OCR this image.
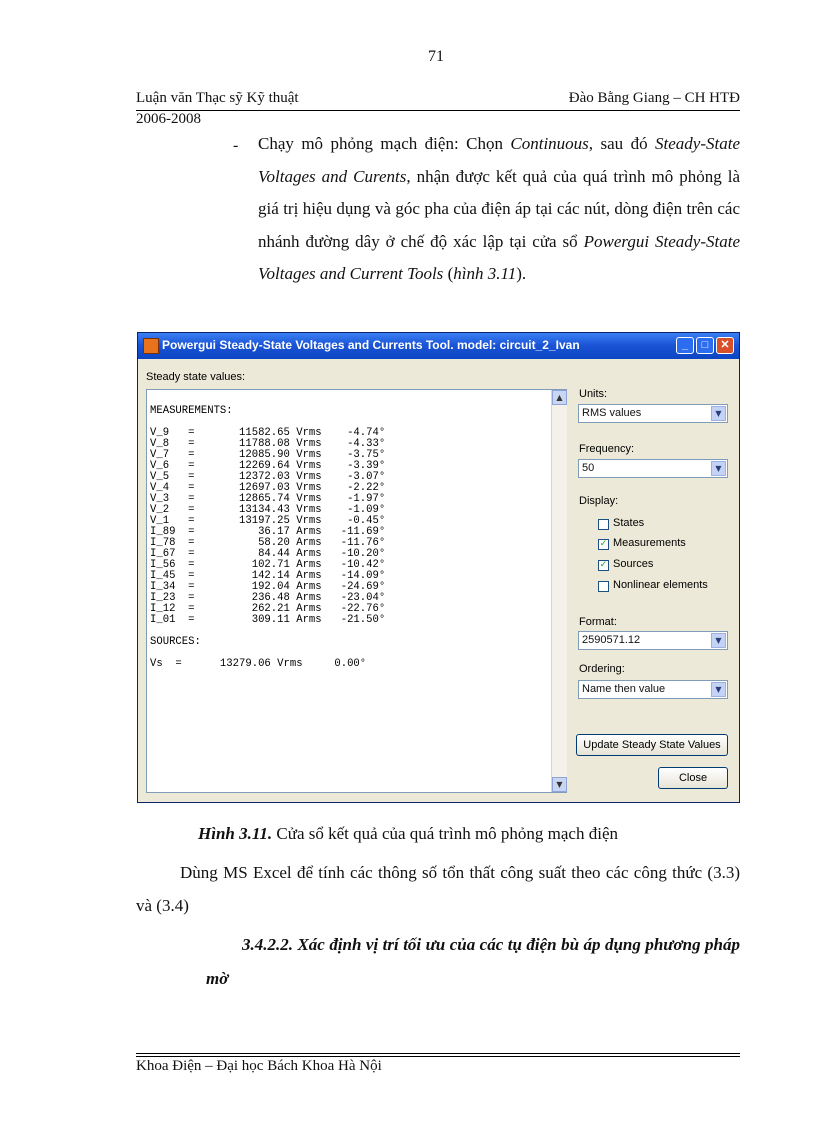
71
Luận văn Thạc sỹ Kỹ thuật	Đào Bằng Giang – CH HTĐ
2006-2008
- Chạy mô phỏng mạch điện: Chọn Continuous, sau đó Steady-State Voltages and Curents, nhận được kết quả của quá trình mô phỏng là giá trị hiệu dụng và góc pha của điện áp tại các nút, dòng điện trên các nhánh đường dây ở chế độ xác lập tại cửa sổ Powergui Steady-State Voltages and Current Tools (hình 3.11).
Powergui Steady-State Voltages and Currents Tool. model: circuit_2_Ivan	_	□	✕
Steady state values:
MEASUREMENTS:

V_9   =       11582.65 Vrms    -4.74°
V_8   =       11788.08 Vrms    -4.33°
V_7   =       12085.90 Vrms    -3.75°
V_6   =       12269.64 Vrms    -3.39°
V_5   =       12372.03 Vrms    -3.07°
V_4   =       12697.03 Vrms    -2.22°
V_3   =       12865.74 Vrms    -1.97°
V_2   =       13134.43 Vrms    -1.09°
V_1   =       13197.25 Vrms    -0.45°
I_89  =          36.17 Arms   -11.69°
I_78  =          58.20 Arms   -11.76°
I_67  =          84.44 Arms   -10.20°
I_56  =         102.71 Arms   -10.42°
I_45  =         142.14 Arms   -14.09°
I_34  =         192.04 Arms   -24.69°
I_23  =         236.48 Arms   -23.04°
I_12  =         262.21 Arms   -22.76°
I_01  =         309.11 Arms   -21.50°

SOURCES:

Vs  =      13279.06 Vrms     0.00°
▲
▼
Units:
RMS values	▼
Frequency:
50	▼
Display:
States
✓ Measurements
✓ Sources
Nonlinear elements
Format:
2590571.12	▼
Ordering:
Name then value	▼
Update Steady State Values
Close
Hình 3.11. Cửa sổ kết quả của quá trình mô phỏng mạch điện
Dùng MS Excel để tính các thông số tổn thất công suất theo các công thức (3.3) và (3.4)
3.4.2.2. Xác định vị trí tối ưu của các tụ điện bù áp dụng phương pháp mờ
Khoa Điện – Đại học Bách Khoa Hà Nội
